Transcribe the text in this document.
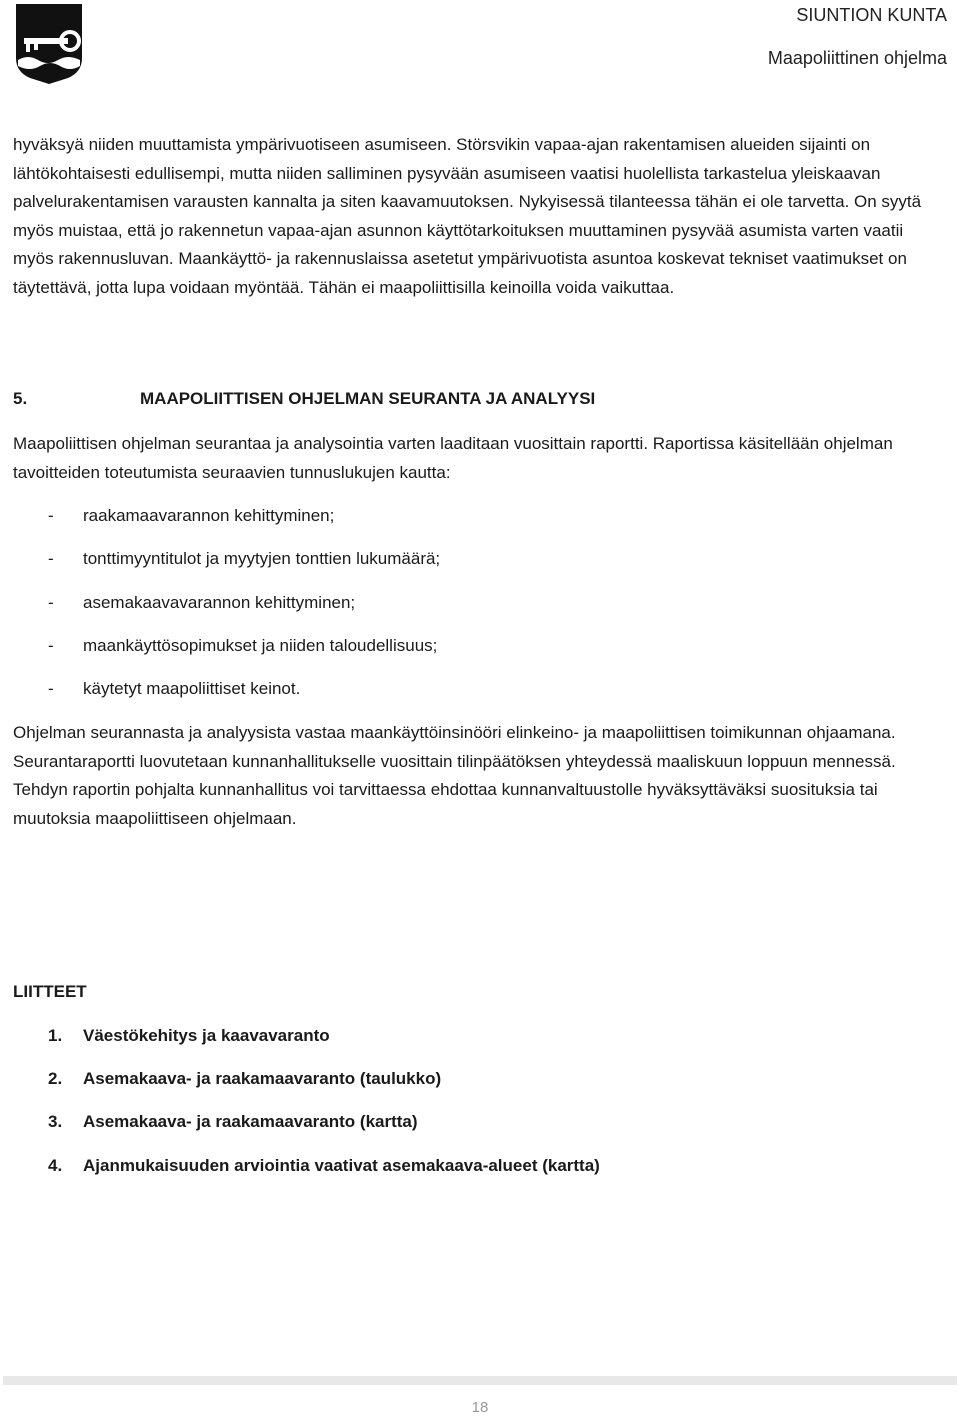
SIUNTION KUNTA
Maapoliittinen ohjelma

hyväksyä niiden muuttamista ympärivuotiseen asumiseen. Störsvikin vapaa-ajan rakentamisen alueiden sijainti on lähtökohtaisesti edullisempi, mutta niiden salliminen pysyvään asumiseen vaatisi huolellista tarkastelua yleiskaavan palvelurakentamisen varausten kannalta ja siten kaavamuutoksen. Nykyisessä tilanteessa tähän ei ole tarvetta. On syytä myös muistaa, että jo rakennetun vapaa-ajan asunnon käyttötarkoituksen muuttaminen pysyvää asumista varten vaatii myös rakennusluvan. Maankäyttö- ja rakennuslaissa asetetut ympärivuotista asuntoa koskevat tekniset vaatimukset on täytettävä, jotta lupa voidaan myöntää. Tähän ei maapoliittisilla keinoilla voida vaikuttaa.

5.	MAAPOLIITTISEN OHJELMAN SEURANTA JA ANALYYSI

Maapoliittisen ohjelman seurantaa ja analysointia varten laaditaan vuosittain raportti. Raportissa käsitellään ohjelman tavoitteiden toteutumista seuraavien tunnuslukujen kautta:

- raakamaavarannon kehittyminen;
- tonttimyyntitulot ja myytyjen tonttien lukumäärä;
- asemakaavavarannon kehittyminen;
- maankäyttösopimukset ja niiden taloudellisuus;
- käytetyt maapoliittiset keinot.

Ohjelman seurannasta ja analyysista vastaa maankäyttöinsinööri elinkeino- ja maapoliittisen toimikunnan ohjaamana. Seurantaraportti luovutetaan kunnanhallitukselle vuosittain tilinpäätöksen yhteydessä maaliskuun loppuun mennessä. Tehdyn raportin pohjalta kunnanhallitus voi tarvittaessa ehdottaa kunnanvaltuustolle hyväksyttäväksi suosituksia tai muutoksia maapoliittiseen ohjelmaan.

LIITTEET
1. Väestökehitys ja kaavavaranto
2. Asemakaava- ja raakamaavaranto (taulukko)
3. Asemakaava- ja raakamaavaranto (kartta)
4. Ajanmukaisuuden arviointia vaativat asemakaava-alueet (kartta)
18
